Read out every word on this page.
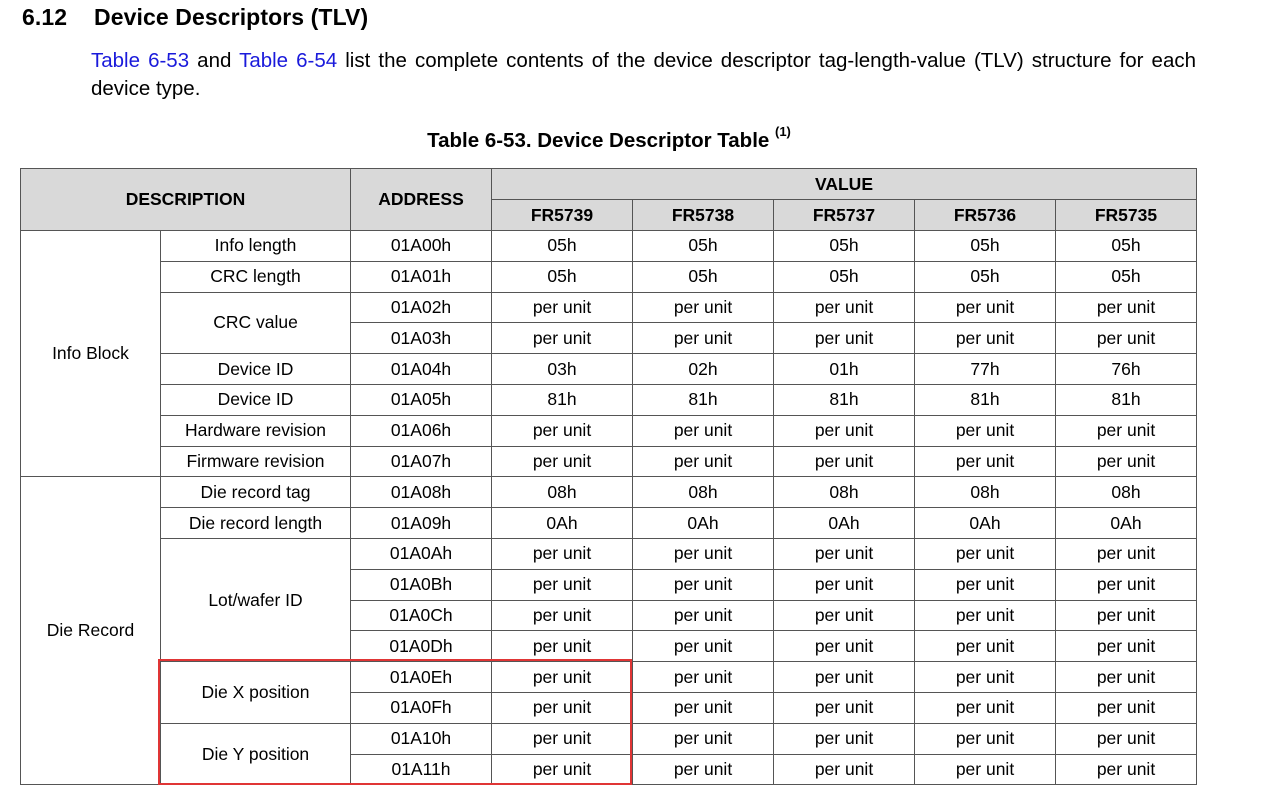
6.12 Device Descriptors (TLV)
Table 6-53 and Table 6-54 list the complete contents of the device descriptor tag-length-value (TLV) structure for each device type.
Table 6-53. Device Descriptor Table $^{(1)}$
DESCRIPTION		ADDRESS	VALUE				
			FR5739	FR5738	FR5737	FR5736	FR5735
Info Block	Info length	01A00h	05h	05h	05h	05h	05h
	CRC length	01A01h	05h	05h	05h	05h	05h
	CRC value	01A02h	per unit	per unit	per unit	per unit	per unit
		01A03h	per unit	per unit	per unit	per unit	per unit
	Device ID	01A04h	03h	02h	01h	77h	76h
	Device ID	01A05h	81h	81h	81h	81h	81h
	Hardware revision	01A06h	per unit	per unit	per unit	per unit	per unit
	Firmware revision	01A07h	per unit	per unit	per unit	per unit	per unit
Die Record	Die record tag	01A08h	08h	08h	08h	08h	08h
	Die record length	01A09h	0Ah	0Ah	0Ah	0Ah	0Ah
	Lot/wafer ID	01A0Ah	per unit	per unit	per unit	per unit	per unit
		01A0Bh	per unit	per unit	per unit	per unit	per unit
		01A0Ch	per unit	per unit	per unit	per unit	per unit
		01A0Dh	per unit	per unit	per unit	per unit	per unit
	Die X position	01A0Eh	per unit	per unit	per unit	per unit	per unit
		01A0Fh	per unit	per unit	per unit	per unit	per unit
	Die Y position	01A10h	per unit	per unit	per unit	per unit	per unit
		01A11h	per unit	per unit	per unit	per unit	per unit
